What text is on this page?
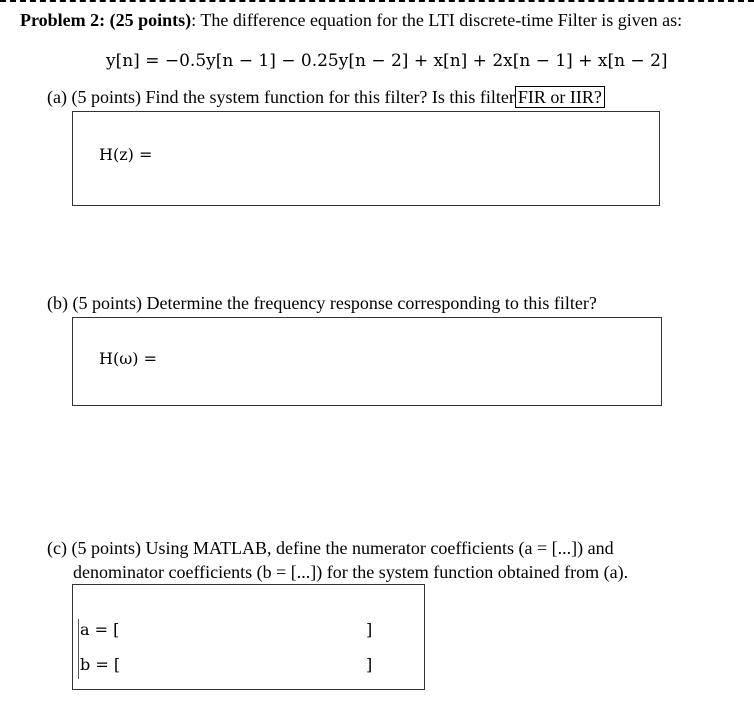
Problem 2: (25 points): The difference equation for the LTI discrete-time Filter is given as:
y[n] = −0.5y[n − 1] − 0.25y[n − 2] + x[n] + 2x[n − 1] + x[n − 2]
(a) (5 points) Find the system function for this filter? Is this filter FIR or IIR?
H(z) =
(b) (5 points) Determine the frequency response corresponding to this filter?
H(ω) =
(c) (5 points) Using MATLAB, define the numerator coefficients (a = [...]) and
denominator coefficients (b = [...]) for the system function obtained from (a).
a = [	]
b = [	]
